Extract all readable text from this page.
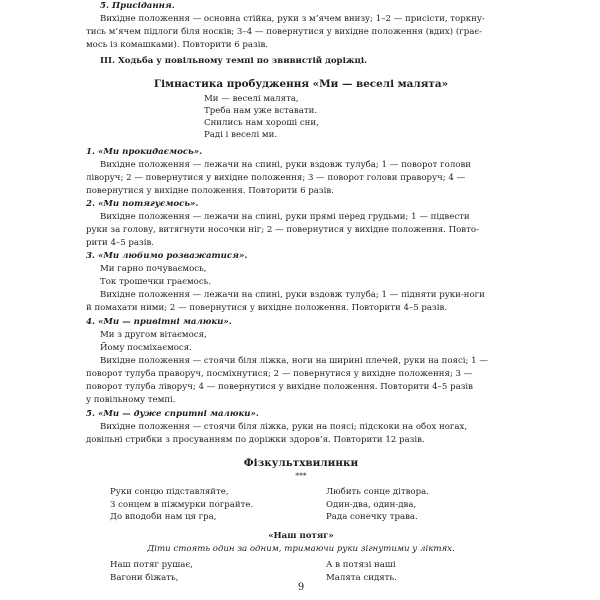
5. Присідання.
Вихідне положення — основна стійка, руки з м’ячем внизу; 1–2 — присісти, торкну-
тись м’ячем підлоги біля носків; 3–4 — повернутися у вихідне положення (вдих) (грає-
мось із комашками). Повторити 6 разів.
III. Ходьба у повільному темпі по звивистій доріжці.
Гімнастика пробудження «Ми — веселі малята»
Ми — веселі малята,
Треба нам уже вставати.
Снились нам хороші сни,
Раді і веселі ми.
1. «Ми прокидаємось».
Вихідне положення — лежачи на спині, руки вздовж тулуба; 1 — поворот голови
ліворуч; 2 — повернутися у вихідне положення; 3 — поворот голови праворуч; 4 —
повернутися у вихідне положення. Повторити 6 разів.
2. «Ми потягуємось».
Вихідне положення — лежачи на спині, руки прямі перед грудьми; 1 — підвести
руки за голову, витягнути носочки ніг; 2 — повернутися у вихідне положення. Повто-
рити 4–5 разів.
3. «Ми любимо розважатися».
Ми гарно почуваємось,
Tок трошечки граємось.
Вихідне положення — лежачи на спині, руки вздовж тулуба; 1 — підняти руки-ноги
й помахати ними; 2 — повернутися у вихідне положення. Повторити 4–5 разів.
4. «Ми — привітні малюки».
Ми з другом вітаємося,
Йому посміхаємося.
Вихідне положення — стоячи біля ліжка, ноги на ширині плечей, руки на поясі; 1 —
поворот тулуба праворуч, посміхнутися; 2 — повернутися у вихідне положення; 3 —
поворот тулуба ліворуч; 4 — повернутися у вихідне положення. Повторити 4–5 разів
у повільному темпі.
5. «Ми — дуже спритні малюки».
Вихідне положення — стоячи біля ліжка, руки на поясі; підскоки на обох ногах,
довільні стрибки з просуванням по доріжки здоров’я. Повторити 12 разів.
Фізкультхвилинки
***
Руки сонцю підставляйте,
З сонцем в піжмурки пограйте.
До вподоби нам ця гра,
Любить сонце дітвора.
Один-два, один-два,
Рада сонечку трава.
«Наш потяг»
Діти стоять один за одним, тримаючи руки зігнутими у ліктях.
Наш потяг рушає,
Вагони біжать,
А в потязі наші
Малята сидять.
9
